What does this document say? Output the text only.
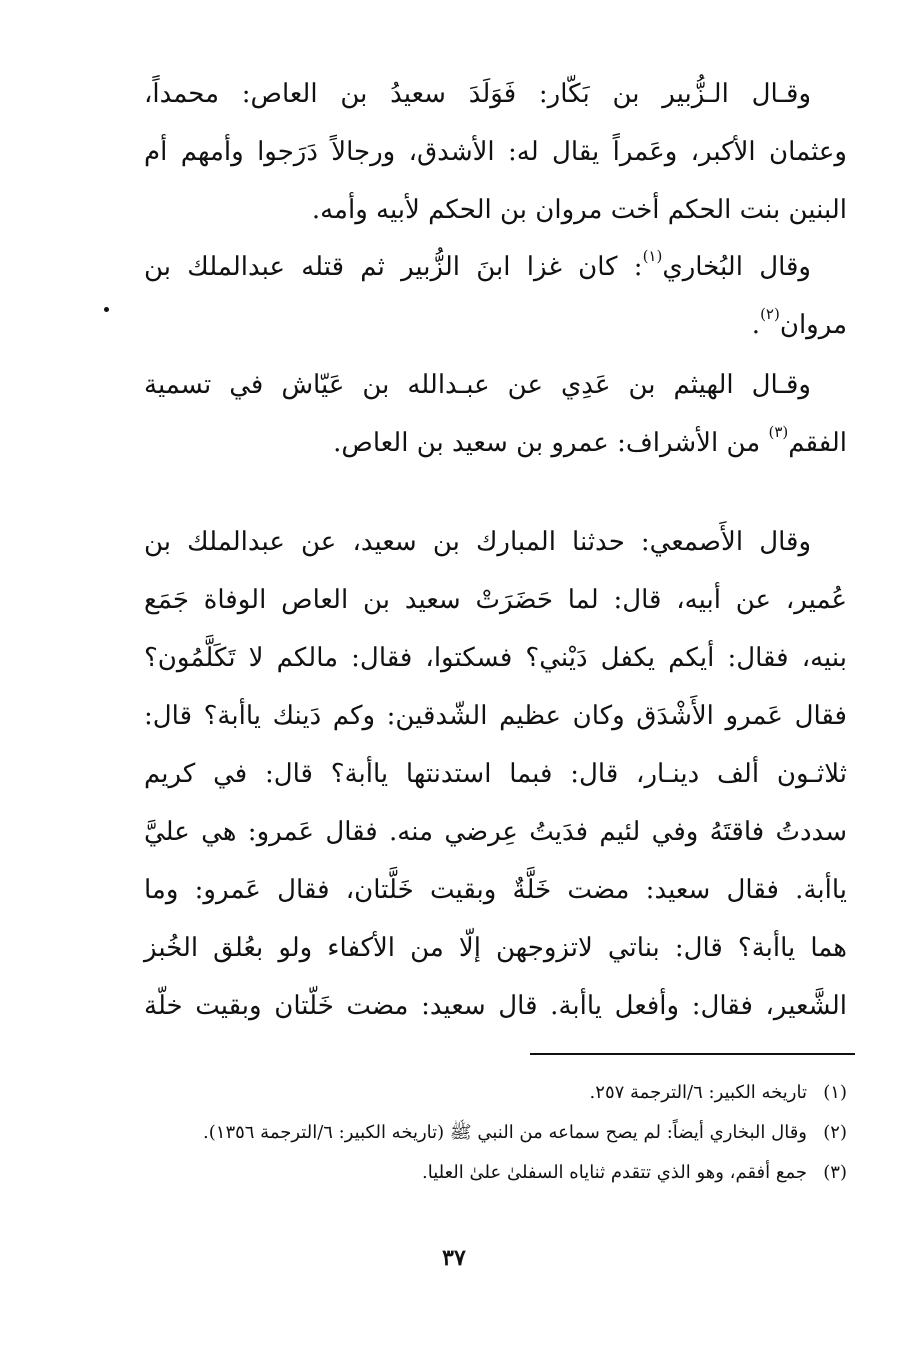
وقـال الـزُّبير بن بَكّار: فَوَلَدَ سعيدُ بن العاص: محمداً،
وعثمان الأكبر، وعَمراً يقال له: الأشدق، ورجالاً دَرَجوا وأمهم أم
البنين بنت الحكم أخت مروان بن الحكم لأبيه وأمه.
وقال البُخاري$^{(١)}$: كان غزا ابنَ الزُّبير ثم قتله عبدالملك بن
مروان$^{(٢)}$.
وقـال الهيثم بن عَدِي عن عبـدالله بن عَيّاش في تسمية
الفقم$^{(٣)}$ من الأشراف: عمرو بن سعيد بن العاص.
وقال الأَصمعي: حدثنا المبارك بن سعيد، عن عبدالملك بن
عُمير، عن أبيه، قال: لما حَضَرَتْ سعيد بن العاص الوفاة جَمَع
بنيه، فقال: أيكم يكفل دَيْني؟ فسكتوا، فقال: مالكم لا تَكَلَّمُون؟
فقال عَمرو الأَشْدَق وكان عظيم الشّدقين: وكم دَينك ياأبة؟ قال:
ثلاثـون ألف دينـار، قال: فبما استدنتها ياأبة؟ قال: في كريم
سددتُ فاقتَهُ وفي لئيم فدَيتُ عِرضي منه. فقال عَمرو: هي عليَّ
ياأبة. فقال سعيد: مضت خَلَّةٌ وبقيت خَلَّتان، فقال عَمرو: وما
هما ياأبة؟ قال: بناتي لاتزوجهن إلّا من الأكفاء ولو بعُلق الخُبز
الشَّعير، فقال: وأفعل ياأبة. قال سعيد: مضت خَلّتان وبقيت خلّة
(١)
تاريخه الكبير: ٦/الترجمة ٢٥٧.
(٢)
وقال البخاري أيضاً: لم يصح سماعه من النبي ﷺ (تاريخه الكبير: ٦/الترجمة ١٣٥٦).
(٣)
جمع أفقم، وهو الذي تتقدم ثناياه السفلىٰ علىٰ العليا.
٣٧
